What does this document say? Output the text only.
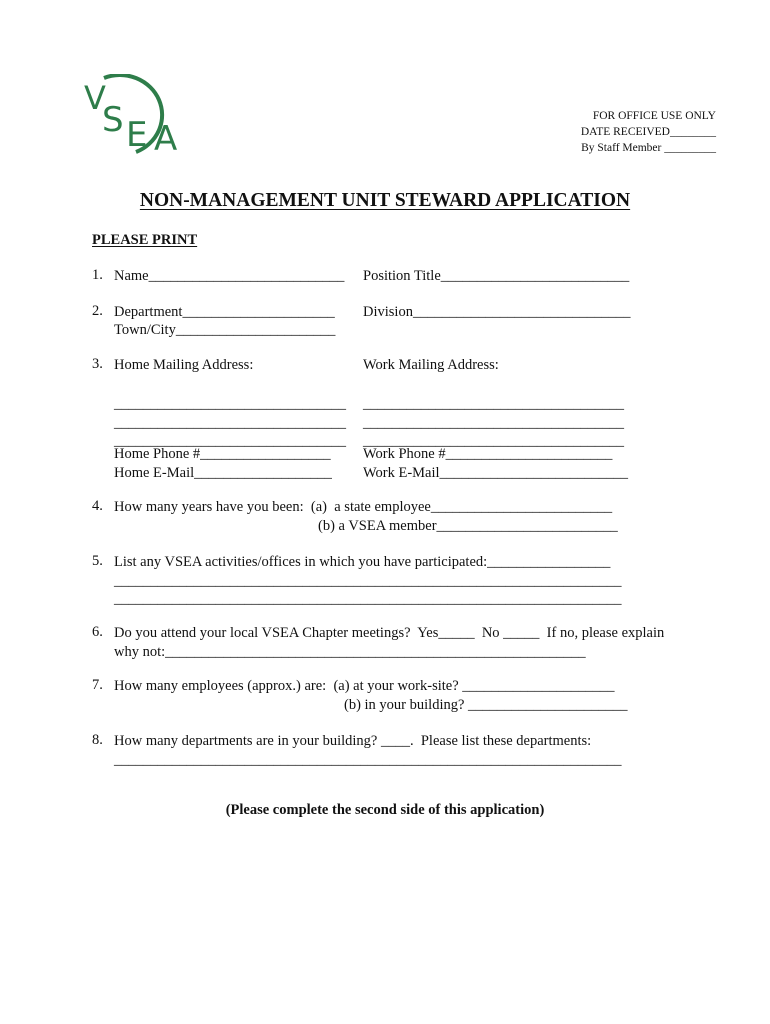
V
S E A
FOR OFFICE USE ONLY
DATE RECEIVED________
By Staff Member _________
NON-MANAGEMENT UNIT STEWARD APPLICATION
PLEASE PRINT
1. Name___________________________ Position Title__________________________
2. Department_____________________ Division______________________________
Town/City______________________
3. Home Mailing Address:	Work Mailing Address:
________________________________
________________________________
________________________________
____________________________________
____________________________________
____________________________________
Home Phone #__________________ Work Phone #_______________________
Home E-Mail___________________ Work E-Mail__________________________
4. How many years have you been:  (a)  a state employee_________________________
(b) a VSEA member_________________________
5. List any VSEA activities/offices in which you have participated:_________________
______________________________________________________________________
______________________________________________________________________
6. Do you attend your local VSEA Chapter meetings?  Yes_____  No _____  If no, please explain
why not:__________________________________________________________
7. How many employees (approx.) are:  (a) at your work-site? _____________________
(b) in your building? ______________________
8. How many departments are in your building? ____.  Please list these departments:
______________________________________________________________________
(Please complete the second side of this application)
